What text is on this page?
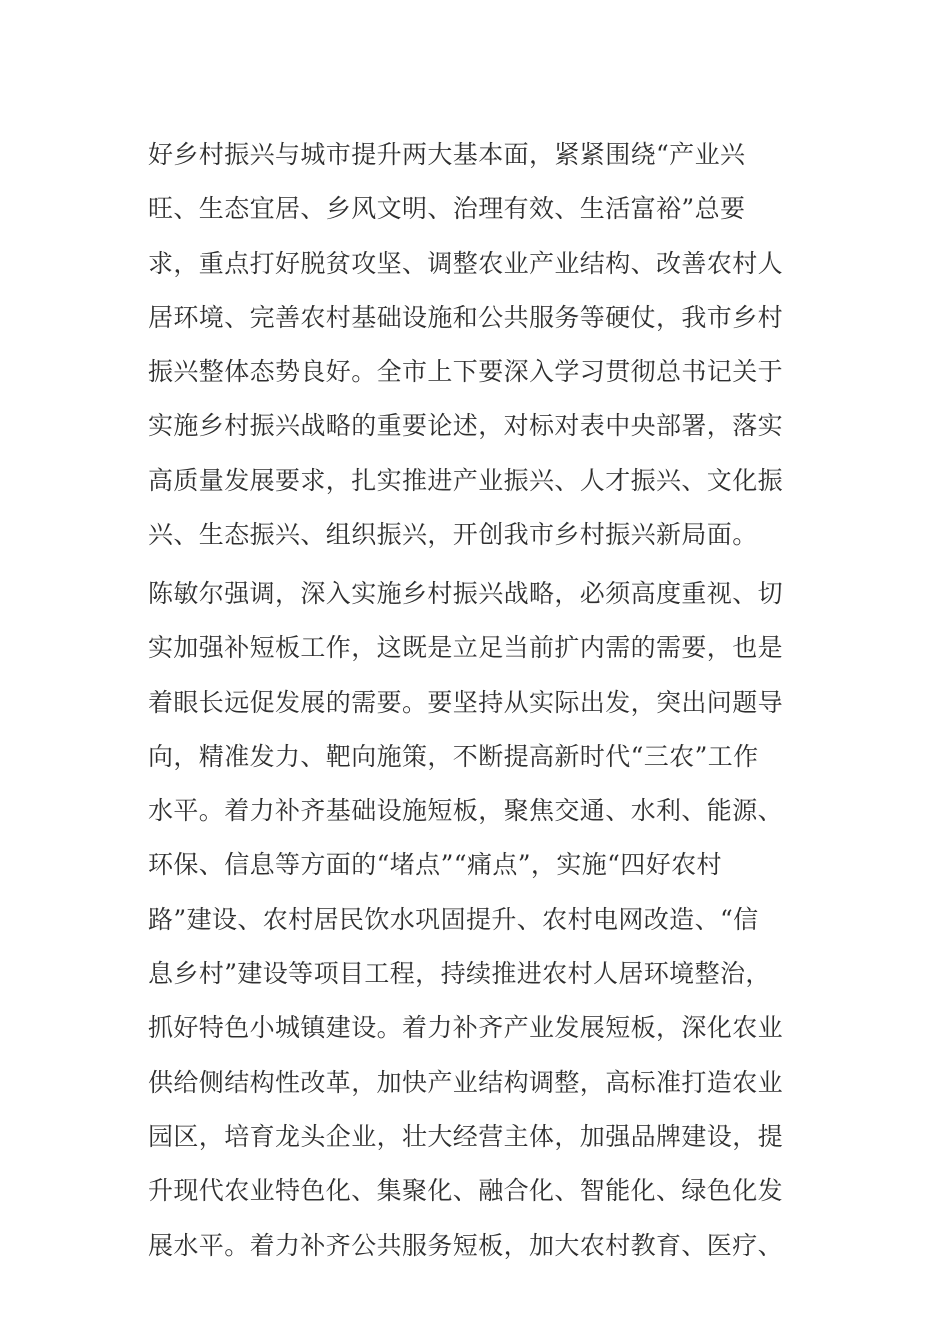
好乡村振兴与城市提升两大基本面，紧紧围绕“产业兴
旺、生态宜居、乡风文明、治理有效、生活富裕”总要
求，重点打好脱贫攻坚、调整农业产业结构、改善农村人
居环境、完善农村基础设施和公共服务等硬仗，我市乡村
振兴整体态势良好。全市上下要深入学习贯彻总书记关于
实施乡村振兴战略的重要论述，对标对表中央部署，落实
高质量发展要求，扎实推进产业振兴、人才振兴、文化振
兴、生态振兴、组织振兴，开创我市乡村振兴新局面。
陈敏尔强调，深入实施乡村振兴战略，必须高度重视、切
实加强补短板工作，这既是立足当前扩内需的需要，也是
着眼长远促发展的需要。要坚持从实际出发，突出问题导
向，精准发力、靶向施策，不断提高新时代“三农”工作
水平。着力补齐基础设施短板，聚焦交通、水利、能源、
环保、信息等方面的“堵点”“痛点”，实施“四好农村
路”建设、农村居民饮水巩固提升、农村电网改造、“信
息乡村”建设等项目工程，持续推进农村人居环境整治，
抓好特色小城镇建设。着力补齐产业发展短板，深化农业
供给侧结构性改革，加快产业结构调整，高标准打造农业
园区，培育龙头企业，壮大经营主体，加强品牌建设，提
升现代农业特色化、集聚化、融合化、智能化、绿色化发
展水平。着力补齐公共服务短板，加大农村教育、医疗、
